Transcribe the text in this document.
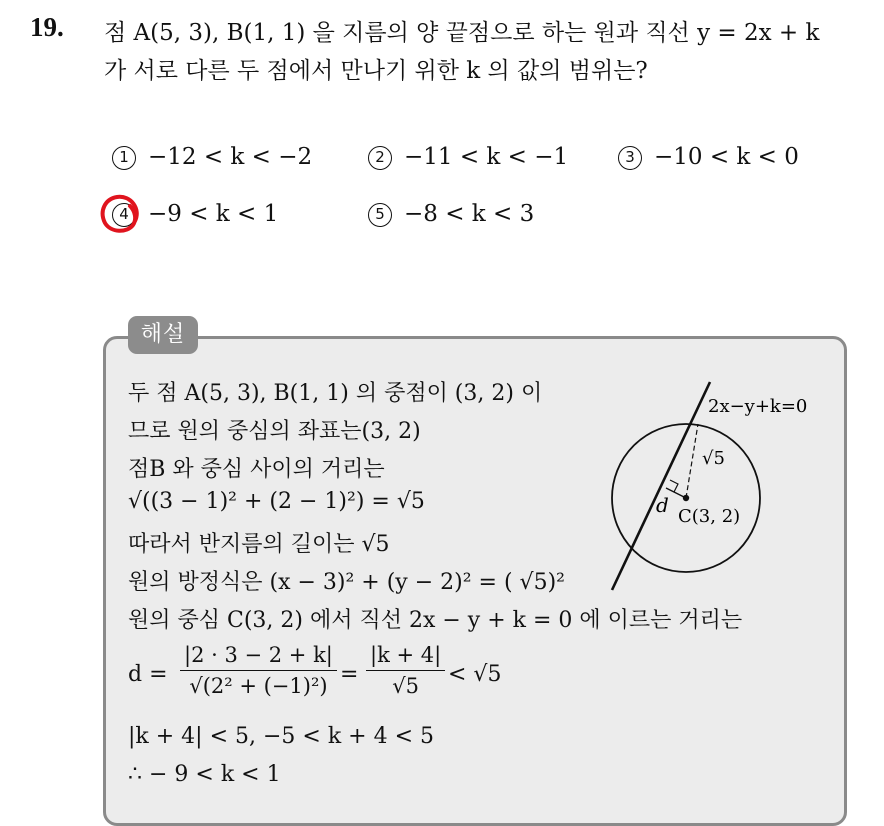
19. 점 A(5, 3), B(1, 1) 을 지름의 양 끝점으로 하는 원과 직선 y = 2x + k
가 서로 다른 두 점에서 만나기 위한 k 의 값의 범위는?
1 −12 < k < −2	2 −11 < k < −1	3 −10 < k < 0
4 −9 < k < 1	5 −8 < k < 3
해설
두 점 A(5, 3), B(1, 1) 의 중점이 (3, 2) 이
므로 원의 중심의 좌표는(3, 2)
점B 와 중심 사이의 거리는
√((3 − 1)² + (2 − 1)²) = √5
따라서 반지름의 길이는 √5
원의 방정식은 (x − 3)² + (y − 2)² = ( √5)²
원의 중심 C(3, 2) 에서 직선 2x − y + k = 0 에 이르는 거리는
d =
|2 · 3 − 2 + k|
√(2² + (−1)²) =
|k + 4|
√5	< √5
|k + 4| < 5, −5 < k + 4 < 5
∴ − 9 < k < 1
2x−y+k=0
√5
d C(3, 2)
